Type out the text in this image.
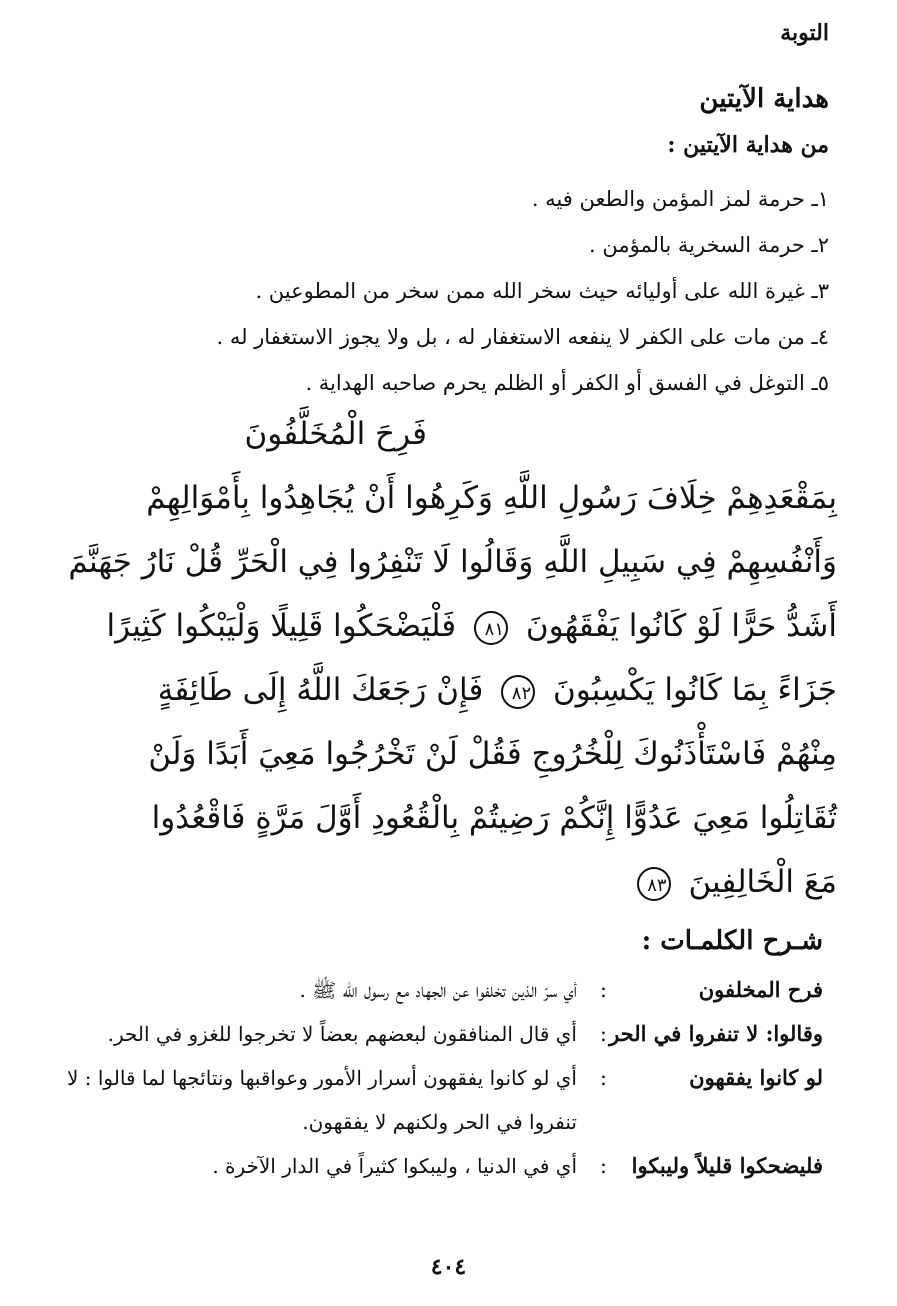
التوبة
هداية الآيتين
من هداية الآيتين :
١ـ حرمة لمز المؤمن والطعن فيه .
٢ـ حرمة السخرية بالمؤمن .
٣ـ غيرة الله على أوليائه حيث سخر الله ممن سخر من المطوعين .
٤ـ من مات على الكفر لا ينفعه الاستغفار له ، بل ولا يجوز الاستغفار له .
٥ـ التوغل في الفسق أو الكفر أو الظلم يحرم صاحبه الهداية .
فَرِحَ الْمُخَلَّفُونَ
بِمَقْعَدِهِمْ خِلَافَ رَسُولِ اللَّهِ وَكَرِهُوا أَنْ يُجَاهِدُوا بِأَمْوَالِهِمْ
وَأَنْفُسِهِمْ فِي سَبِيلِ اللَّهِ وَقَالُوا لَا تَنْفِرُوا فِي الْحَرِّ قُلْ نَارُ جَهَنَّمَ
أَشَدُّ حَرًّا لَوْ كَانُوا يَفْقَهُونَ ٨١ فَلْيَضْحَكُوا قَلِيلًا وَلْيَبْكُوا كَثِيرًا
جَزَاءً بِمَا كَانُوا يَكْسِبُونَ ٨٢ فَإِنْ رَجَعَكَ اللَّهُ إِلَى طَائِفَةٍ
مِنْهُمْ فَاسْتَأْذَنُوكَ لِلْخُرُوجِ فَقُلْ لَنْ تَخْرُجُوا مَعِيَ أَبَدًا وَلَنْ
تُقَاتِلُوا مَعِيَ عَدُوًّا إِنَّكُمْ رَضِيتُمْ بِالْقُعُودِ أَوَّلَ مَرَّةٍ فَاقْعُدُوا
مَعَ الْخَالِفِينَ ٨٣
شـرح الكلمـات :
فرح المخلفون
:
أي سرّ الذين تخلفوا عن الجهاد مع رسول الله ﷺ .
وقالوا: لا تنفروا في الحر
:
أي قال المنافقون لبعضهم بعضاً لا تخرجوا للغزو في الحر.
لو كانوا يفقهون
:
أي لو كانوا يفقهون أسرار الأمور وعواقبها ونتائجها لما قالوا : لا تنفروا في الحر ولكنهم لا يفقهون.
فليضحكوا قليلاً وليبكوا
:
أي في الدنيا ، وليبكوا كثيراً في الدار الآخرة .
٤٠٤
